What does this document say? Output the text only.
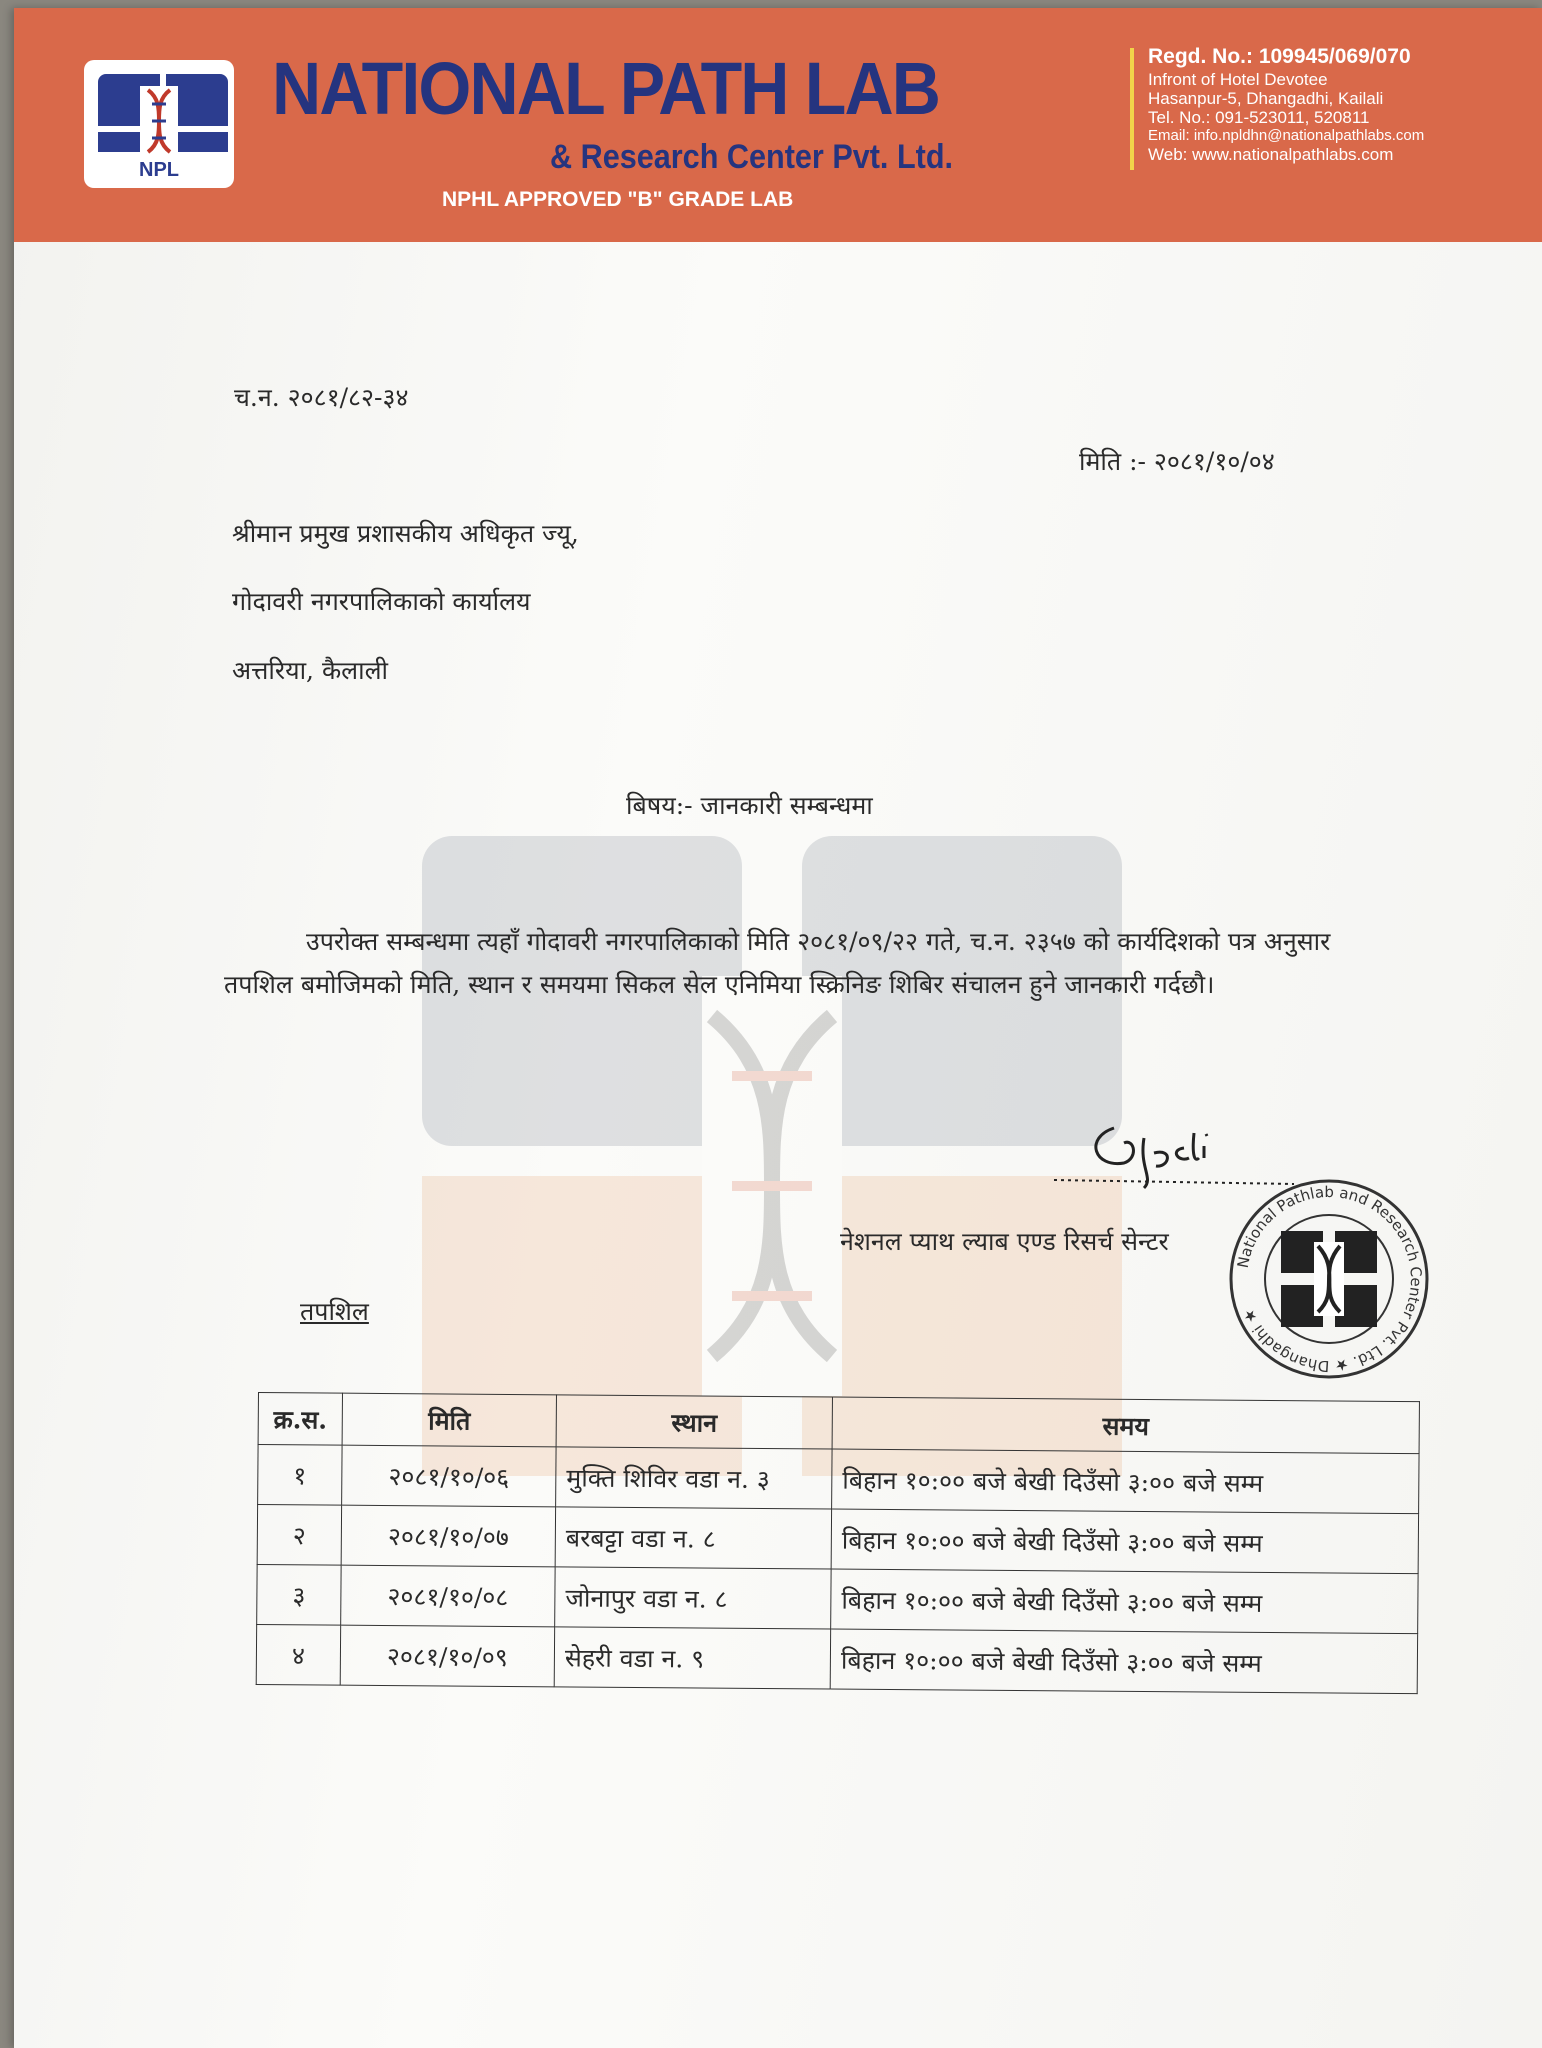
NPL
NATIONAL PATH LAB
& Research Center Pvt. Ltd.
NPHL APPROVED "B" GRADE LAB
Regd. No.: 109945/069/070
Infront of Hotel Devotee
Hasanpur-5, Dhangadhi, Kailali
Tel. No.: 091-523011, 520811
Email: info.npldhn@nationalpathlabs.com
Web: www.nationalpathlabs.com
च.न. २०८१/८२-३४
मिति :- २०८१/१०/०४
श्रीमान प्रमुख प्रशासकीय अधिकृत ज्यू,
गोदावरी नगरपालिकाको कार्यालय
अत्तरिया, कैलाली
बिषय:- जानकारी सम्बन्धमा
उपरोक्त सम्बन्धमा त्यहाँ गोदावरी नगरपालिकाको मिति २०८१/०९/२२ गते, च.न. २३५७ को कार्यदिशको पत्र अनुसार तपशिल बमोजिमको मिति, स्थान र समयमा सिकल सेल एनिमिया स्क्रिनिङ शिबिर संचालन हुने जानकारी गर्दछौ।
नेशनल प्याथ ल्याब एण्ड रिसर्च सेन्टर
National Pathlab and Research Center Pvt. Ltd. ★ Dhangadhi ★
तपशिल
क्र.स.	मिति	स्थान	समय
१	२०८१/१०/०६	मुक्ति शिविर वडा न. ३	बिहान १०:०० बजे बेखी दिउँसो ३:०० बजे सम्म
२	२०८१/१०/०७	बरबट्टा वडा न. ८	बिहान १०:०० बजे बेखी दिउँसो ३:०० बजे सम्म
३	२०८१/१०/०८	जोनापुर वडा न. ८	बिहान १०:०० बजे बेखी दिउँसो ३:०० बजे सम्म
४	२०८१/१०/०९	सेहरी वडा न. ९	बिहान १०:०० बजे बेखी दिउँसो ३:०० बजे सम्म
